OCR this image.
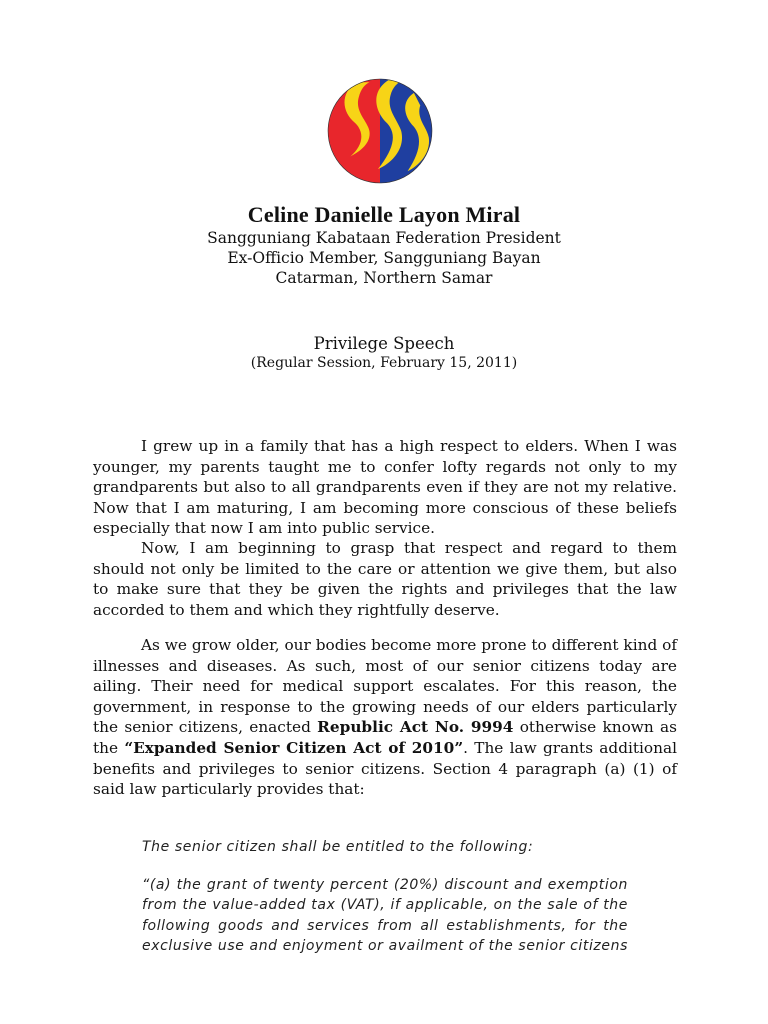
Celine Danielle Layon Miral
Sangguniang Kabataan Federation President
Ex-Officio Member, Sangguniang Bayan
Catarman, Northern Samar
Privilege Speech
(Regular Session, February 15, 2011)

I grew up in a family that has a high respect to elders. When I was younger, my parents taught me to confer lofty regards not only to my grandparents but also to all grandparents even if they are not my relative. Now that I am maturing, I am becoming more conscious of these beliefs especially that now I am into public service.

Now, I am beginning to grasp that respect and regard to them should not only be limited to the care or attention we give them, but also to make sure that they be given the rights and privileges that the law accorded to them and which they rightfully deserve.

As we grow older, our bodies become more prone to different kind of illnesses and diseases. As such, most of our senior citizens today are ailing. Their need for medical support escalates. For this reason, the government, in response to the growing needs of our elders particularly the senior citizens, enacted Republic Act No. 9994 otherwise known as the “Expanded Senior Citizen Act of 2010”. The law grants additional benefits and privileges to senior citizens. Section 4 paragraph (a) (1) of said law particularly provides that:

The senior citizen shall be entitled to the following:
“(a) the grant of twenty percent (20%) discount and exemption from the value-added tax (VAT), if applicable, on the sale of the following goods and services from all establishments, for the exclusive use and enjoyment or availment of the senior citizens
